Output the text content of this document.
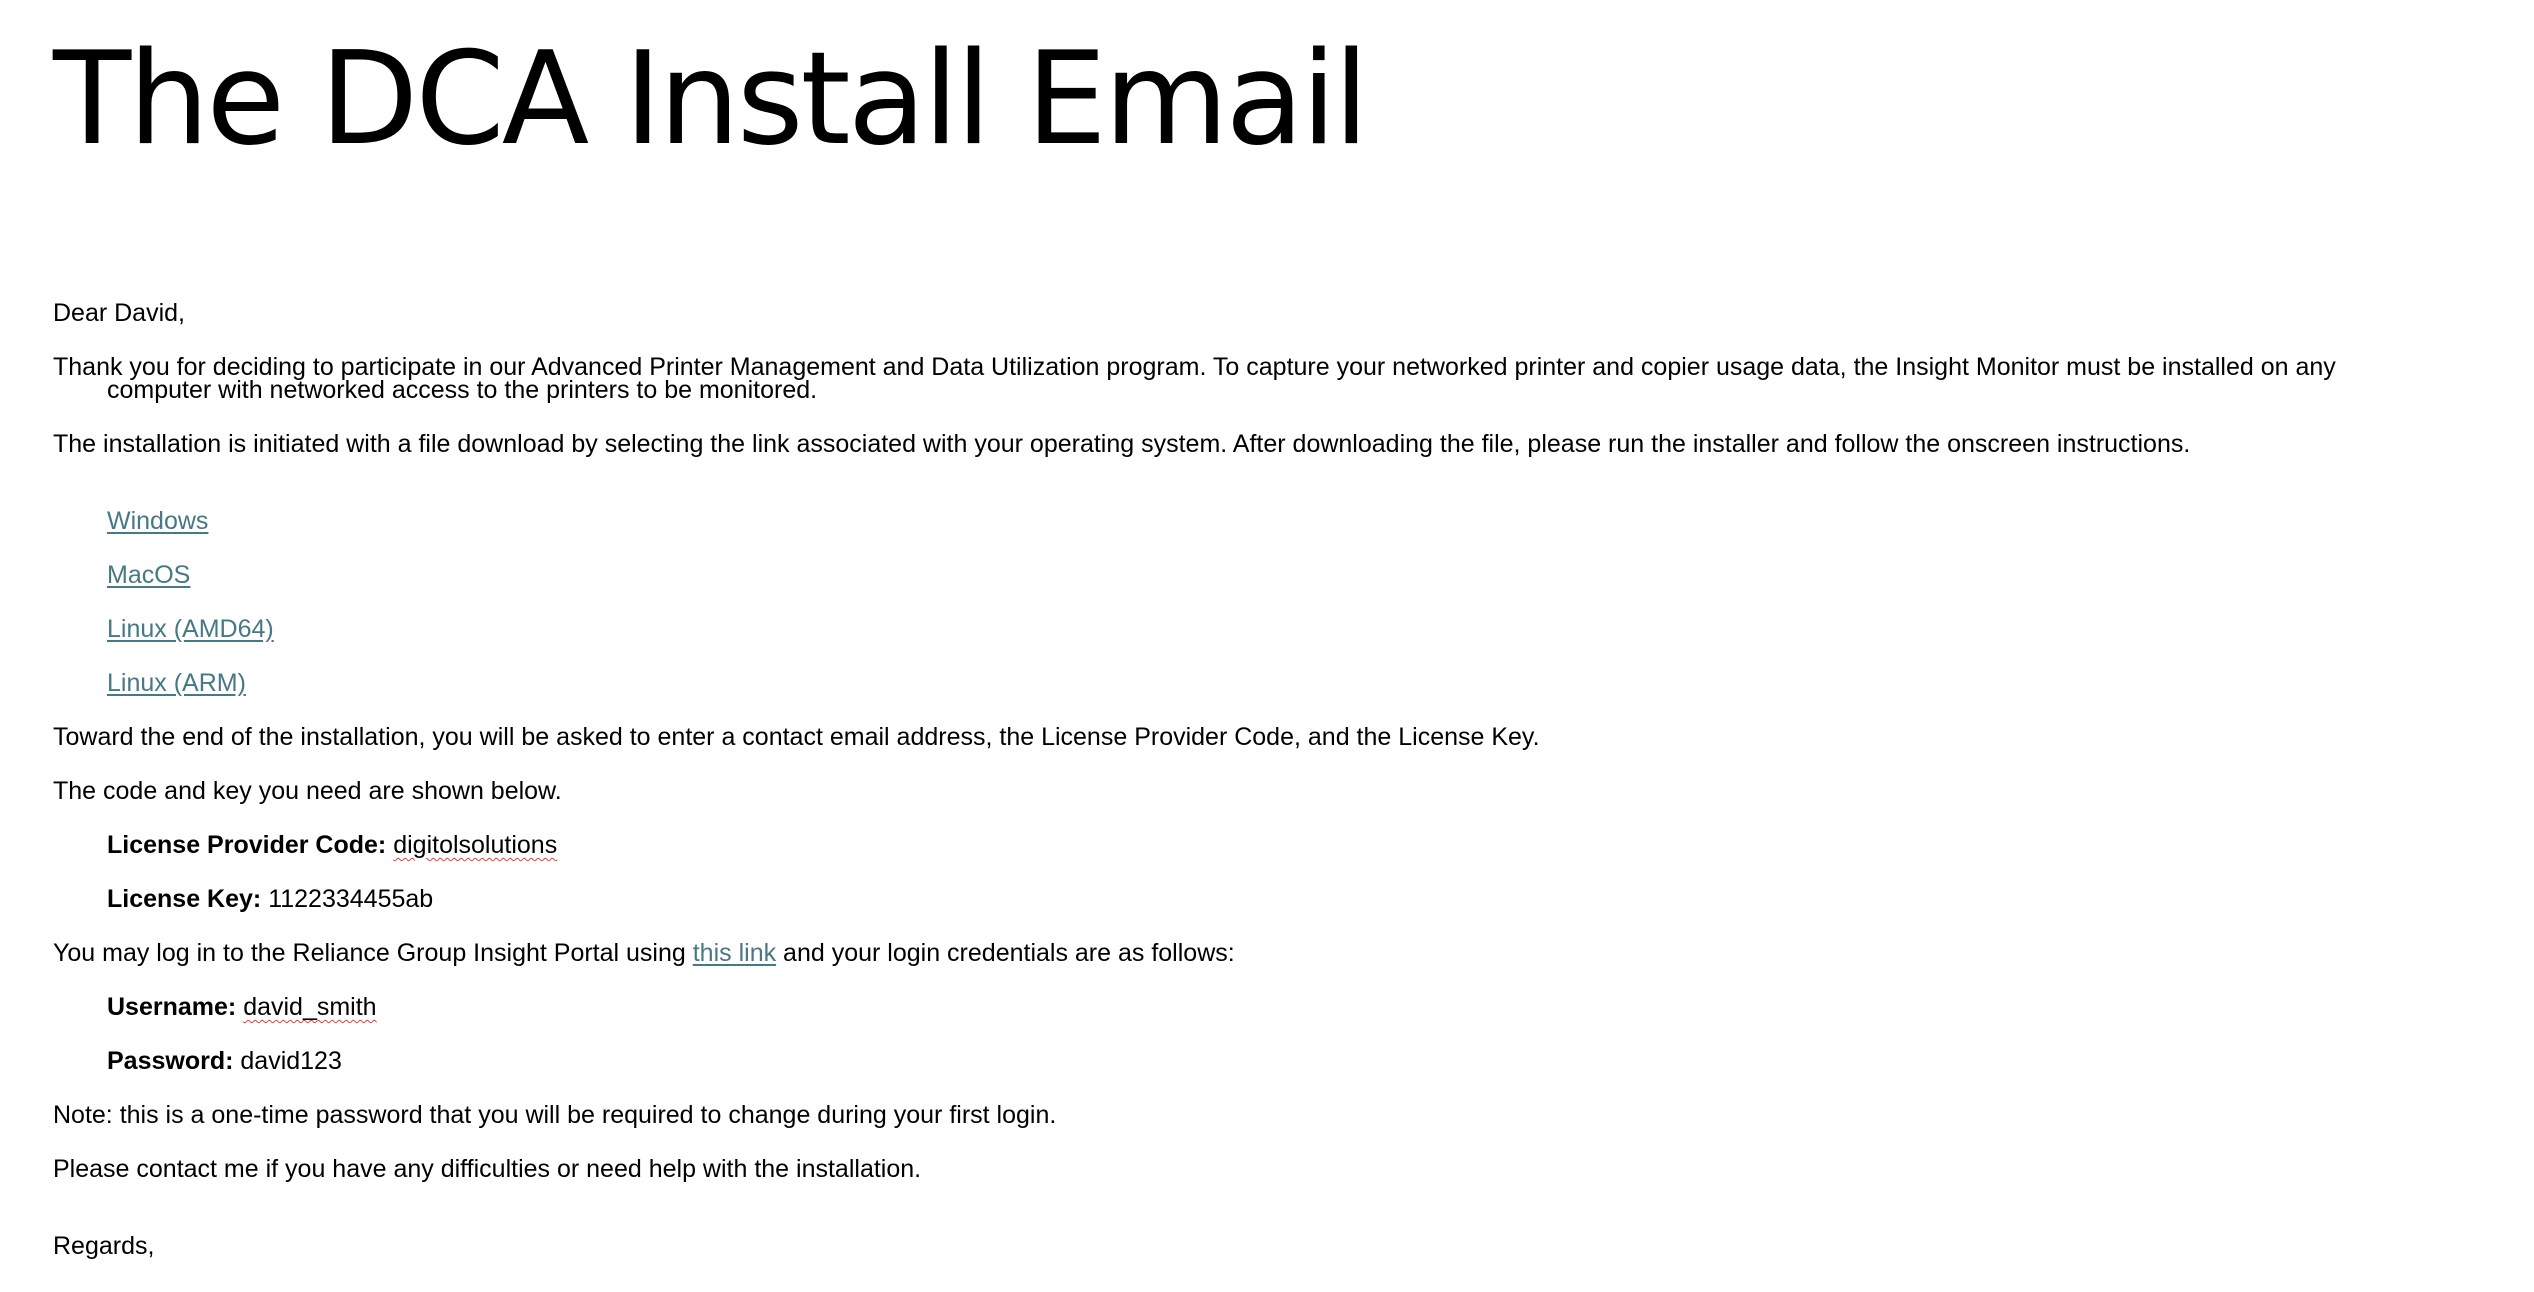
The DCA Install Email

Dear David,

Thank you for deciding to participate in our Advanced Printer Management and Data Utilization program. To capture your networked printer and copier usage data, the Insight Monitor must be installed on any
computer with networked access to the printers to be monitored.

The installation is initiated with a file download by selecting the link associated with your operating system. After downloading the file, please run the installer and follow the onscreen instructions.

Windows

MacOS

Linux (AMD64)

Linux (ARM)

Toward the end of the installation, you will be asked to enter a contact email address, the License Provider Code, and the License Key.

The code and key you need are shown below.

License Provider Code: digitolsolutions

License Key: 1122334455ab

You may log in to the Reliance Group Insight Portal using this link and your login credentials are as follows:

Username: david_smith

Password: david123

Note: this is a one-time password that you will be required to change during your first login.

Please contact me if you have any difficulties or need help with the installation.

Regards,
